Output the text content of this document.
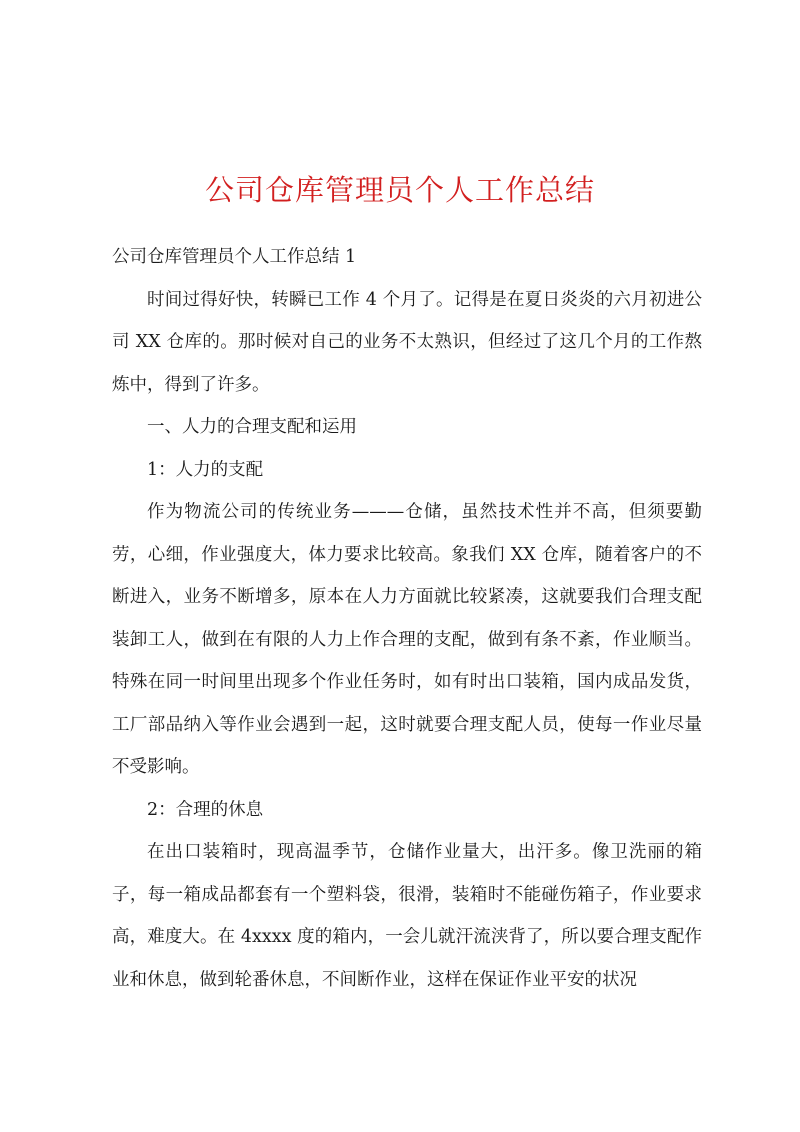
公司仓库管理员个人工作总结

公司仓库管理员个人工作总结 1

时间过得好快，转瞬已工作 4 个月了。记得是在夏日炎炎的六月初进公司 XX 仓库的。那时候对自己的业务不太熟识，但经过了这几个月的工作熬炼中，得到了许多。

一、人力的合理支配和运用

1：人力的支配

作为物流公司的传统业务———仓储，虽然技术性并不高，但须要勤劳，心细，作业强度大，体力要求比较高。象我们 XX 仓库，随着客户的不断进入，业务不断增多，原本在人力方面就比较紧凑，这就要我们合理支配装卸工人，做到在有限的人力上作合理的支配，做到有条不紊，作业顺当。特殊在同一时间里出现多个作业任务时，如有时出口装箱，国内成品发货，工厂部品纳入等作业会遇到一起，这时就要合理支配人员，使每一作业尽量不受影响。

2：合理的休息

在出口装箱时，现高温季节，仓储作业量大，出汗多。像卫洗丽的箱子，每一箱成品都套有一个塑料袋，很滑，装箱时不能碰伤箱子，作业要求高，难度大。在 4xxxx 度的箱内，一会儿就汗流浃背了，所以要合理支配作业和休息，做到轮番休息，不间断作业，这样在保证作业平安的状况
